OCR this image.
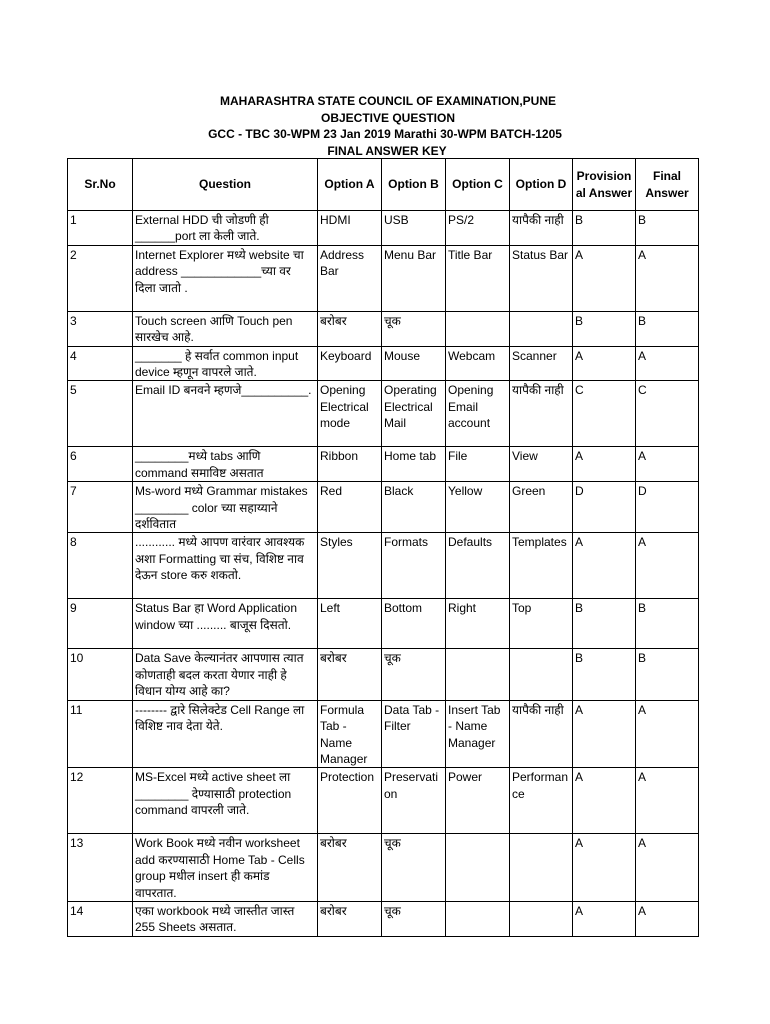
MAHARASHTRA STATE COUNCIL OF EXAMINATION,PUNE
OBJECTIVE QUESTION
GCC - TBC 30-WPM 23 Jan 2019 Marathi 30-WPM BATCH-1205
FINAL ANSWER KEY
Sr.No	Question	Option A	Option B	Option C	Option D	Provisional Answer	Final Answer
1	External HDD ची जोडणी ही ______port ला केली जाते.	HDMI	USB	PS/2	यापैकी नाही	B	B
2	Internet Explorer मध्ये website चा address ____________च्या वर दिला जातो .	Address Bar	Menu Bar	Title Bar	Status Bar	A	A
3	Touch screen आणि Touch pen सारखेच आहे.	बरोबर	चूक			B	B
4	_______ हे सर्वात common input device म्हणून वापरले जाते.	Keyboard	Mouse	Webcam	Scanner	A	A
5	Email ID बनवने म्हणजे__________.	Opening Electrical mode	Operating Electrical Mail	Opening Email account	यापैकी नाही	C	C
6	________मध्ये tabs आणि command समाविष्ट असतात	Ribbon	Home tab	File	View	A	A
7	Ms-word मध्ये Grammar mistakes ________ color च्या सहाय्याने दर्शवितात	Red	Black	Yellow	Green	D	D
8	............ मध्ये आपण वारंवार आवश्यक अशा Formatting चा संच, विशिष्ट नाव देऊन store करु शकतो.	Styles	Formats	Defaults	Templates	A	A
9	Status Bar हा Word Application window च्या ......... बाजूस दिसतो.	Left	Bottom	Right	Top	B	B
10	Data Save केल्यानंतर आपणास त्यात कोणताही बदल करता येणार नाही हे विधान योग्य आहे का?	बरोबर	चूक			B	B
11	-------- द्वारे सिलेक्टेड Cell Range ला विशिष्ट नाव देता येते.	Formula Tab - Name Manager	Data Tab - Filter	Insert Tab - Name Manager	यापैकी नाही	A	A
12	MS-Excel मध्ये active sheet ला ________ देण्यासाठी protection command वापरली जाते.	Protection	Preservation	Power	Performance	A	A
13	Work Book मध्ये नवीन worksheet add करण्यासाठी Home Tab - Cells group मधील insert ही कमांड वापरतात.	बरोबर	चूक			A	A
14	एका workbook मध्ये जास्तीत जास्त 255 Sheets असतात.	बरोबर	चूक			A	A
